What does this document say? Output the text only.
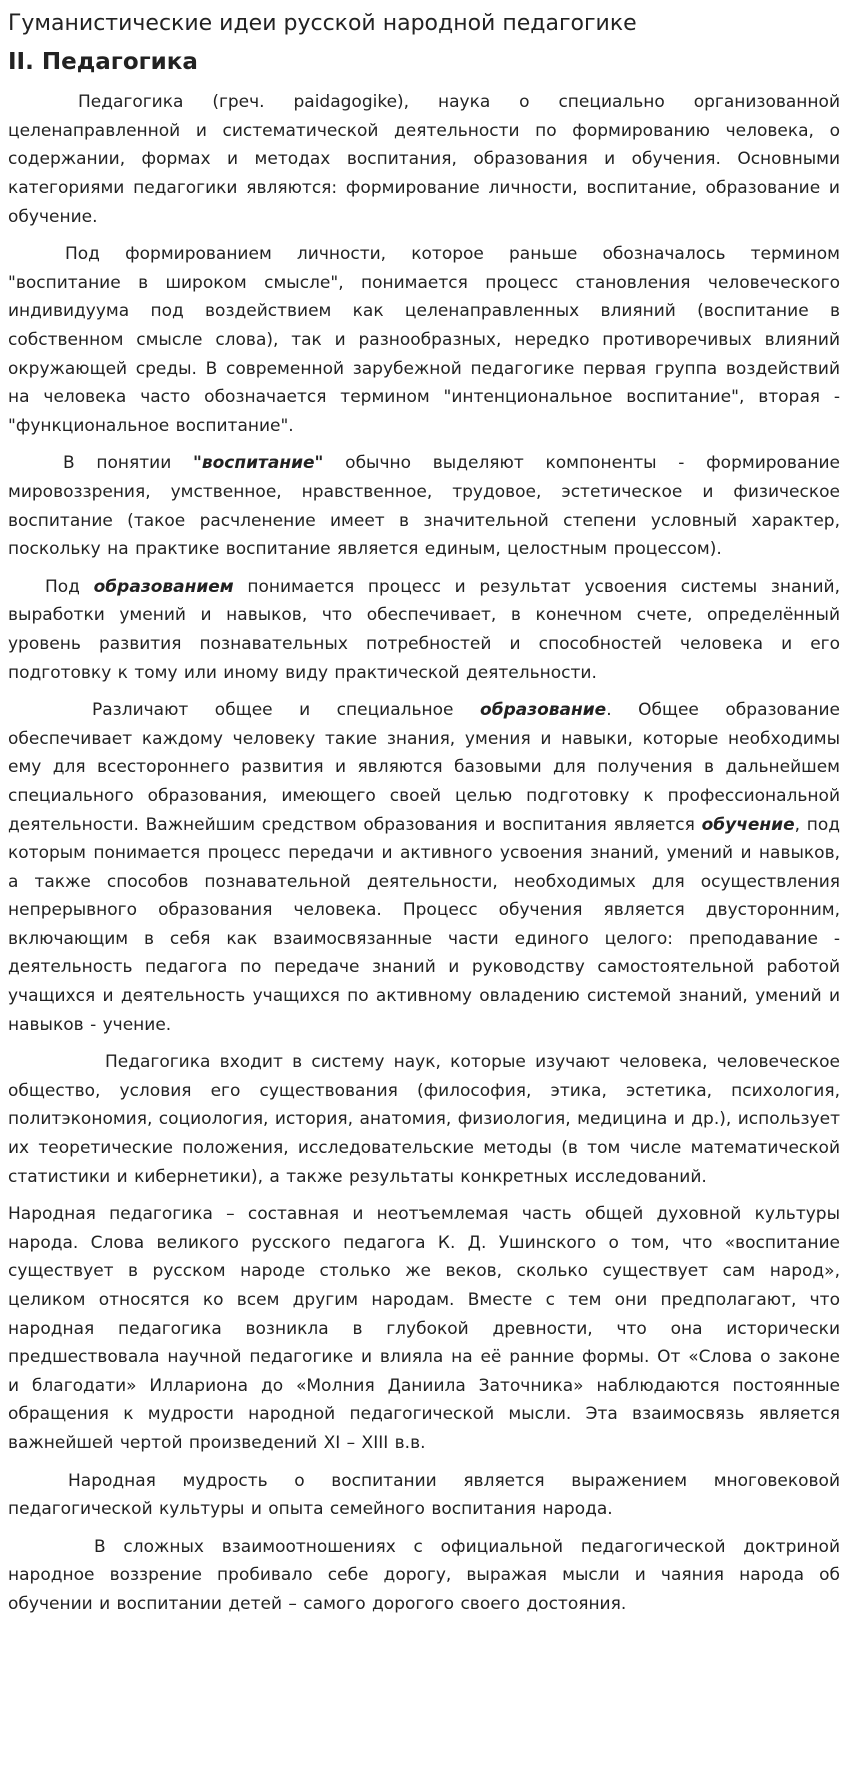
Гуманистические идеи русской народной педагогике
II. Педагогика

Педагогика (греч. paidagogike), наука о специально организованной целенаправленной и систематической деятельности по формированию человека, о содержании, формах и методах воспитания, образования и обучения. Основными категориями педагогики являются: формирование личности, воспитание, образование и обучение.

Под формированием личности, которое раньше обозначалось термином "воспитание в широком смысле", понимается процесс становления человеческого индивидуума под воздействием как целенаправленных влияний (воспитание в собственном смысле слова), так и разнообразных, нередко противоречивых влияний окружающей среды. В современной зарубежной педагогике первая группа воздействий на человека часто обозначается термином "интенциональное воспитание", вторая - "функциональное воспитание".

В понятии "воспитание" обычно выделяют компоненты - формирование мировоззрения, умственное, нравственное, трудовое, эстетическое и физическое воспитание (такое расчленение имеет в значительной степени условный характер, поскольку на практике воспитание является единым, целостным процессом).

Под образованием понимается процесс и результат усвоения системы знаний, выработки умений и навыков, что обеспечивает, в конечном счете, определённый уровень развития познавательных потребностей и способностей человека и его подготовку к тому или иному виду практической деятельности.

Различают общее и специальное образование. Общее образование обеспечивает каждому человеку такие знания, умения и навыки, которые необходимы ему для всестороннего развития и являются базовыми для получения в дальнейшем специального образования, имеющего своей целью подготовку к профессиональной деятельности. Важнейшим средством образования и воспитания является обучение, под которым понимается процесс передачи и активного усвоения знаний, умений и навыков, а также способов познавательной деятельности, необходимых для осуществления непрерывного образования человека. Процесс обучения является двусторонним, включающим в себя как взаимосвязанные части единого целого: преподавание - деятельность педагога по передаче знаний и руководству самостоятельной работой учащихся и деятельность учащихся по активному овладению системой знаний, умений и навыков - учение.

Педагогика входит в систему наук, которые изучают человека, человеческое общество, условия его существования (философия, этика, эстетика, психология, политэкономия, социология, история, анатомия, физиология, медицина и др.), использует их теоретические положения, исследовательские методы (в том числе математической статистики и кибернетики), а также результаты конкретных исследований.

Народная педагогика – составная и неотъемлемая часть общей духовной культуры народа. Слова великого русского педагога К. Д. Ушинского о том, что «воспитание существует в русском народе столько же веков, сколько существует сам народ», целиком относятся ко всем другим народам. Вместе с тем они предполагают, что народная педагогика возникла в глубокой древности, что она исторически предшествовала научной педагогике и влияла на её ранние формы. От «Слова о законе и благодати» Иллариона до «Молния Даниила Заточника» наблюдаются постоянные обращения к мудрости народной педагогической мысли. Эта взаимосвязь является важнейшей чертой произведений XI – XIII в.в.

Народная мудрость о воспитании является выражением многовековой педагогической культуры и опыта семейного воспитания народа.

В сложных взаимоотношениях с официальной педагогической доктриной народное воззрение пробивало себе дорогу, выражая мысли и чаяния народа об обучении и воспитании детей – самого дорогого своего достояния.
